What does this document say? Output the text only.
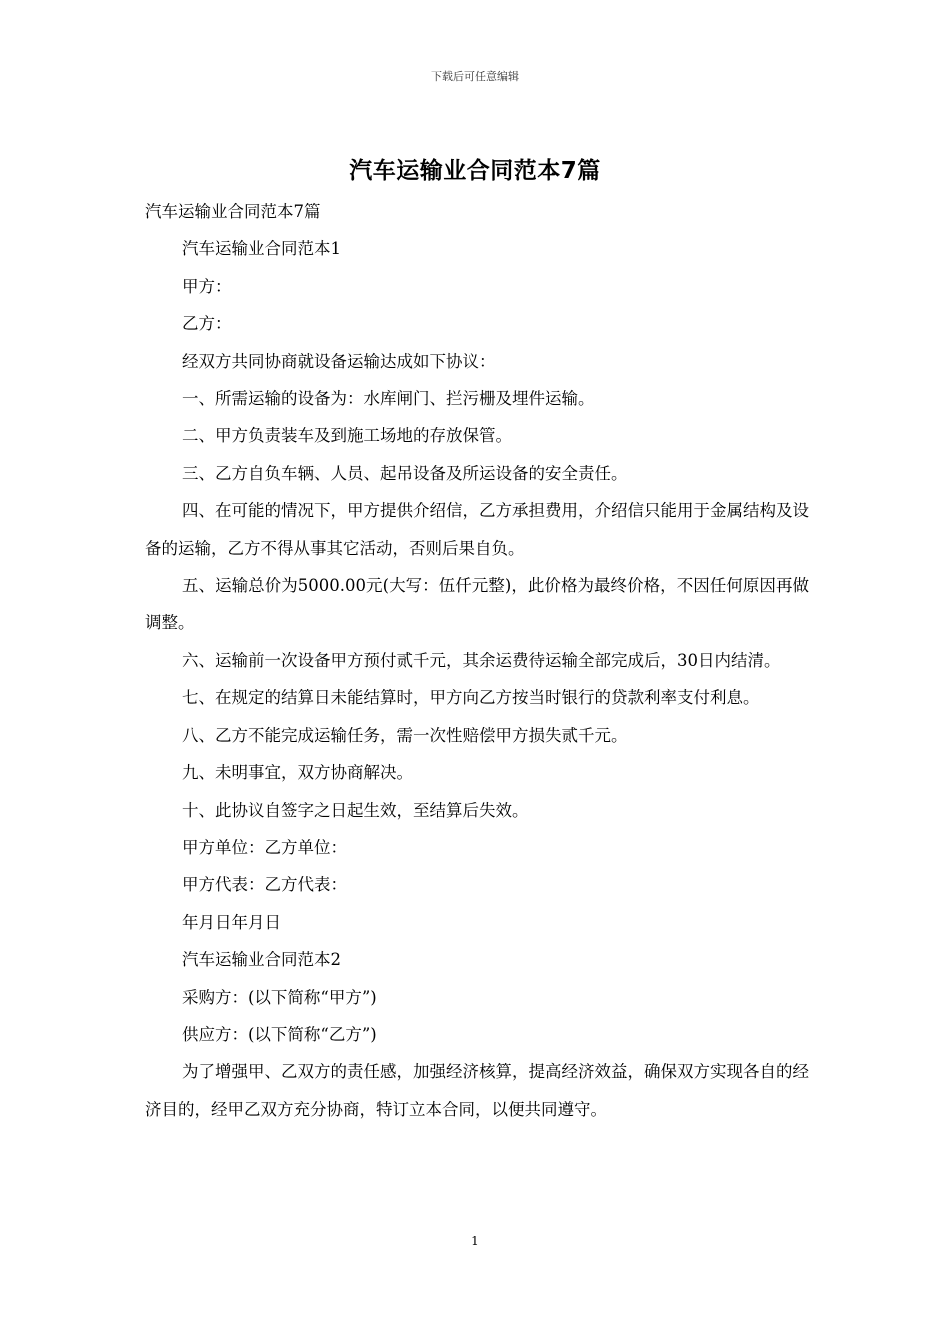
下载后可任意编辑
汽车运输业合同范本7篇

汽车运输业合同范本7篇

汽车运输业合同范本1

甲方：

乙方：

经双方共同协商就设备运输达成如下协议：

一、所需运输的设备为：水库闸门、拦污栅及埋件运输。

二、甲方负责装车及到施工场地的存放保管。

三、乙方自负车辆、人员、起吊设备及所运设备的安全责任。

四、在可能的情况下，甲方提供介绍信，乙方承担费用，介绍信只能用于金属结构及设备的运输，乙方不得从事其它活动，否则后果自负。

五、运输总价为5000.00元(大写：伍仟元整)，此价格为最终价格，不因任何原因再做调整。

六、运输前一次设备甲方预付贰千元，其余运费待运输全部完成后，30日内结清。

七、在规定的结算日未能结算时，甲方向乙方按当时银行的贷款利率支付利息。

八、乙方不能完成运输任务，需一次性赔偿甲方损失贰千元。

九、未明事宜，双方协商解决。

十、此协议自签字之日起生效，至结算后失效。

甲方单位：乙方单位：

甲方代表：乙方代表：

年月日年月日

汽车运输业合同范本2

采购方：(以下简称“甲方”)

供应方：(以下简称“乙方”)

为了增强甲、乙双方的责任感，加强经济核算，提高经济效益，确保双方实现各自的经济目的，经甲乙双方充分协商，特订立本合同，以便共同遵守。

1
